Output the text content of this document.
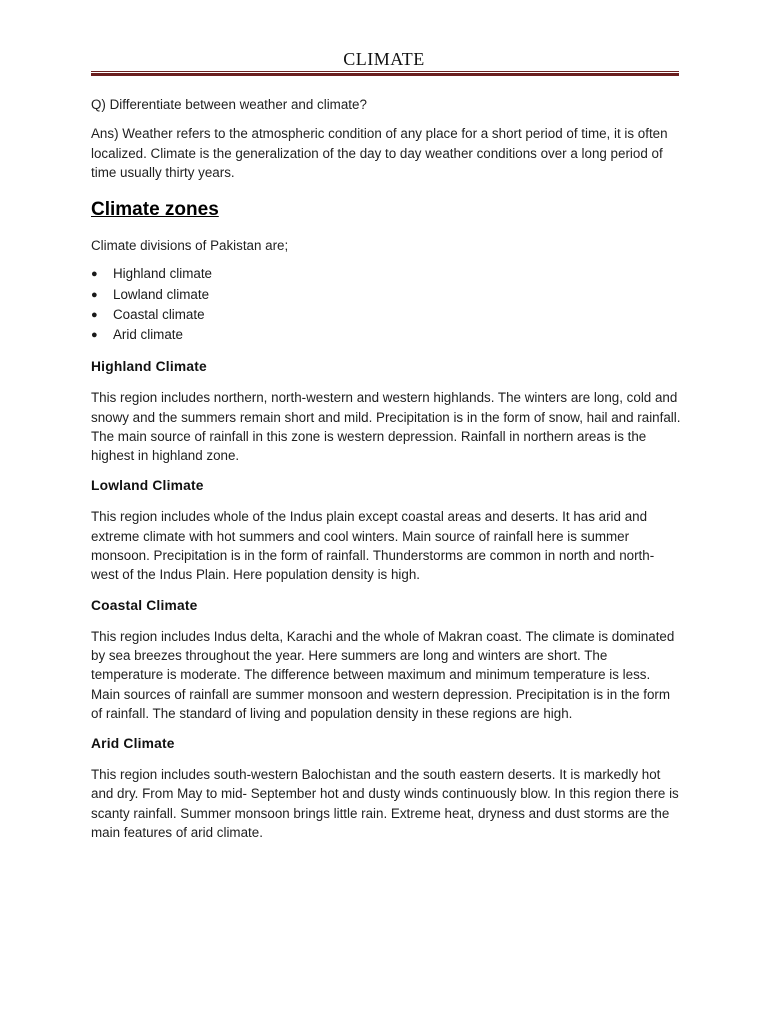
CLIMATE

Q) Differentiate between weather and climate?

Ans) Weather refers to the atmospheric condition of any place for a short period of time, it is often localized. Climate is the generalization of the day to day weather conditions over a long period of time usually thirty years.

Climate zones

Climate divisions of Pakistan are;

● Highland climate
● Lowland climate
● Coastal climate
● Arid climate
Highland Climate

This region includes northern, north-western and western highlands. The winters are long, cold and snowy and the summers remain short and mild. Precipitation is in the form of snow, hail and rainfall. The main source of rainfall in this zone is western depression. Rainfall in northern areas is the highest in highland zone.

Lowland Climate

This region includes whole of the Indus plain except coastal areas and deserts. It has arid and extreme climate with hot summers and cool winters. Main source of rainfall here is summer monsoon. Precipitation is in the form of rainfall. Thunderstorms are common in north and north-west of the Indus Plain. Here population density is high.

Coastal Climate

This region includes Indus delta, Karachi and the whole of Makran coast. The climate is dominated by sea breezes throughout the year. Here summers are long and winters are short. The temperature is moderate. The difference between maximum and minimum temperature is less. Main sources of rainfall are summer monsoon and western depression. Precipitation is in the form of rainfall. The standard of living and population density in these regions are high.

Arid Climate

This region includes south-western Balochistan and the south eastern deserts. It is markedly hot and dry. From May to mid- September hot and dusty winds continuously blow. In this region there is scanty rainfall. Summer monsoon brings little rain. Extreme heat, dryness and dust storms are the main features of arid climate.
